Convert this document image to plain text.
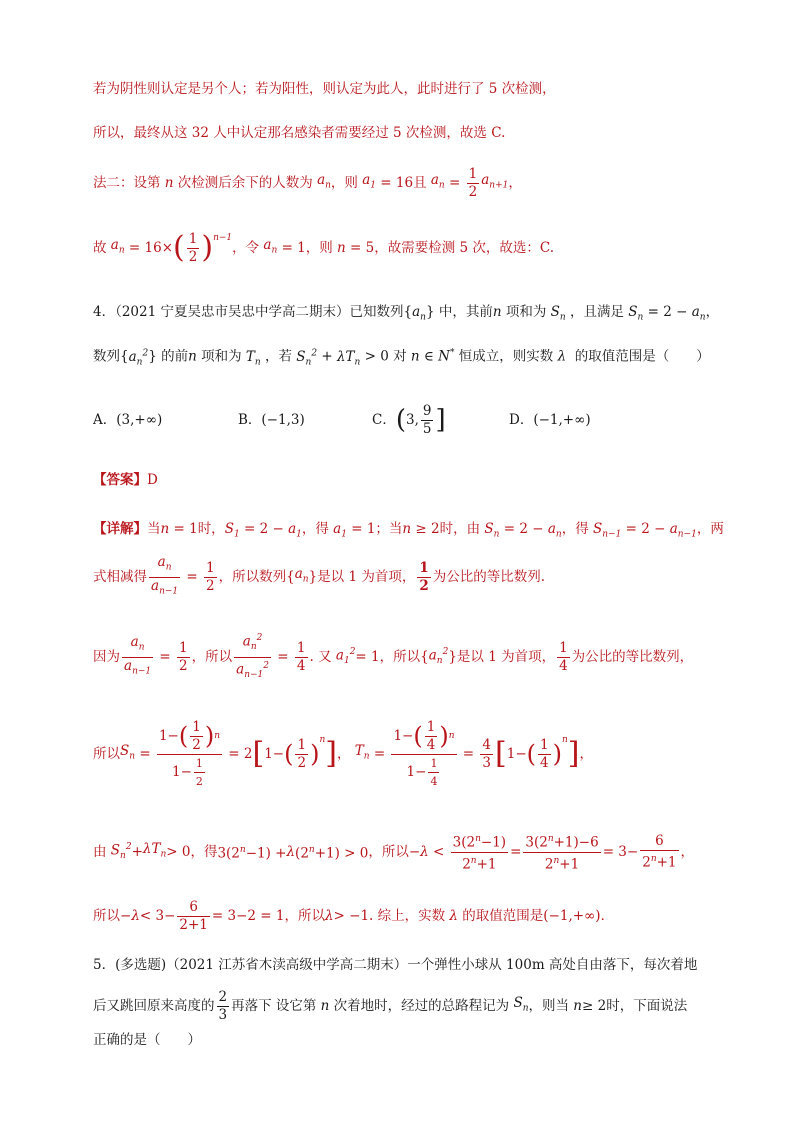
若为阴性则认定是另个人；若为阳性，则认定为此人，此时进行了 5 次检测，
所以，最终从这 32 人中认定那名感染者需要经过 5 次检测，故选 C.
法二：设第 n 次检测后余下的人数为 $a_n$ ，则 $a_1 = 16$ 且 $a_n = \frac{1}{2} a_{n+1}$ ，
故 $a_n = 16\times$ ( $\frac{1}{2} )^{n-1}$
，令 $a_n = 1$ ，则 n = 5 ，故需要检测 5 次，故选：C.
4．（2021 宁夏吴忠市吴忠中学高二期末）已知数列$\{a_n\}$ 中，其前n 项和为 $S_n$ ，且满足 $S_n = 2 - a_n$，
数列$\{a_n^2\}$ 的前n 项和为 $T_n$ ，若 $S_n^2 + \lambda T_n > 0$ 对 n ∈ N* 恒成立，则实数 λ  的取值范围是（　　）
A．(3,+∞)	B．(−1,3)	C． ( 3, $\frac{9}{5}$ ]	D．(−1,+∞)
【答案】D
【详解】当n = 1时，$S_1 = 2 - a_1$，得 $a_1 = 1$；当n ≥ 2时，由 $S_n = 2 - a_n$，得 $S_{n-1} = 2 - a_{n-1}$，两
式相减得 $\frac{a_n}{a_{n-1}} = \frac{1}{2}$ ，所以数列 { $a_n$ } 是以 1 为首项， $\frac{1}{2}$ 为公比的等比数列.
因为 $\frac{a_n}{a_{n-1}} = \frac{1}{2}$ ，所以 $\frac{a_n^2}{a_{n-1}^2} = \frac{1}{4}$ . 又 $a_1^2 = 1$ ，所以 { $a_n^2$ } 是以 1 为首项， $\frac{1}{4}$ 为公比的等比数列，
所以 $S_n = \frac{1- ( \frac{1}{2} ) n}{1- \frac{1}{2}} = 2$ [ 1− ( $\frac{1}{2} )^n$ ] ， $T_n = \frac{1- ( \frac{1}{4} ) n}{1- \frac{1}{4}} = \frac{4}{3}$ [ 1− ( $\frac{1}{4} )^n$ ] ，
由 $S_n^2 + \lambda T_n > 0$ ，得 $3(2^n-1) + \lambda$ $(2^n+1) > 0$ ，所以 − $\lambda < \frac{3(2^n-1)}{2^n+1} = \frac{3(2^n+1)-6}{2^n+1} = 3- \frac{6}{2^n+1}$ ，
所以 − $\lambda < 3- \frac{6}{2+1} = 3-2 = 1$ ，所以 λ > −1 . 综上，实数 λ 的取值范围是 (−1,+∞)．
5．(多选题)（2021 江苏省木渎高级中学高二期末）一个弹性小球从 100m 高处自由落下，每次着地
后又跳回原来高度的 $\frac{2}{3}$ 再落下 设它第 n 次着地时，经过的总路程记为 $S_n$ ，则当 n ≥ 2 时，下面说法
正确的是（　　）
